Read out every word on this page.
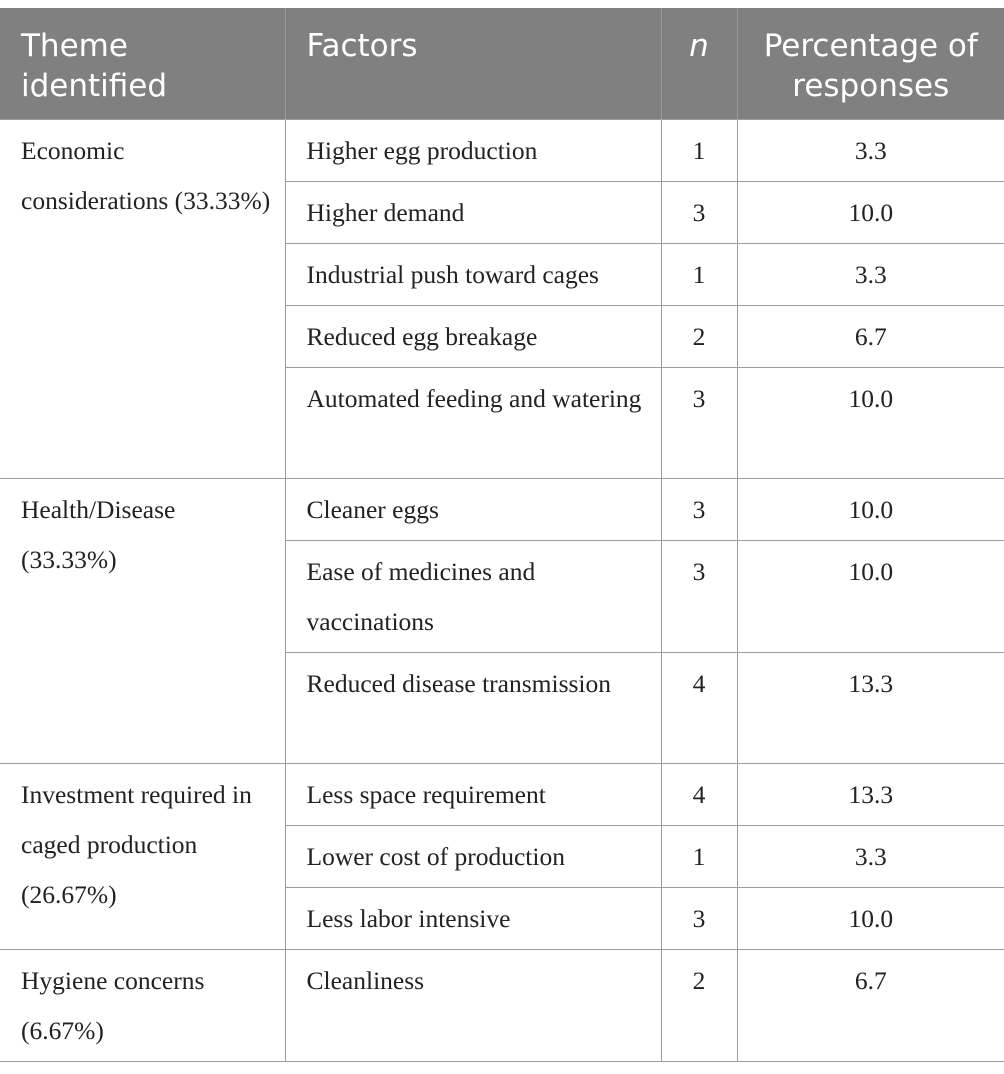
Theme identified	Factors	n	Percentage of responses
Economic considerations (33.33%)	Higher egg production	1	3.3
	Higher demand	3	10.0
	Industrial push toward cages	1	3.3
	Reduced egg breakage	2	6.7
	Automated feeding and watering	3	10.0
Health/Disease (33.33%)	Cleaner eggs	3	10.0
	Ease of medicines and vaccinations	3	10.0
	Reduced disease transmission	4	13.3
Investment required in caged production (26.67%)	Less space requirement	4	13.3
	Lower cost of production	1	3.3
	Less labor intensive	3	10.0
Hygiene concerns (6.67%)	Cleanliness	2	6.7
